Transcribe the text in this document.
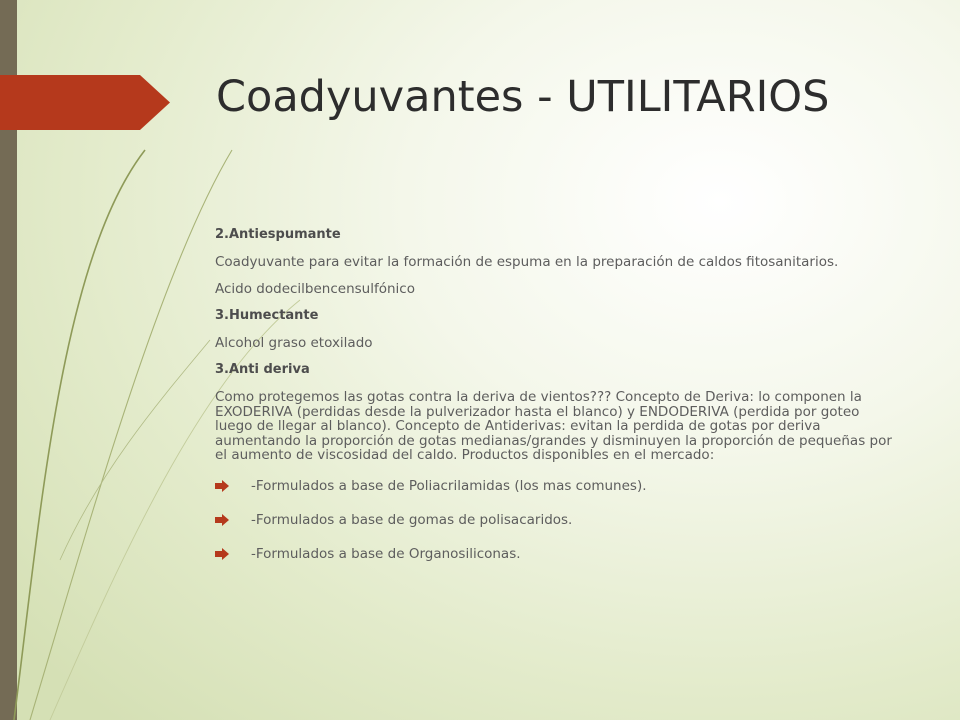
Coadyuvantes - UTILITARIOS
2.Antiespumante
Coadyuvante para evitar la formación de espuma en la preparación de caldos fitosanitarios.
Acido dodecilbencensulfónico
3.Humectante
Alcohol graso etoxilado
3.Anti deriva
Como protegemos las gotas contra la deriva de vientos??? Concepto de Deriva: lo componen la EXODERIVA (perdidas desde la pulverizador hasta el blanco) y ENDODERIVA (perdida por goteo luego de llegar al blanco). Concepto de Antiderivas: evitan la perdida de gotas por deriva aumentando la proporción de gotas medianas/grandes y disminuyen la proporción de pequeñas por el aumento de viscosidad del caldo. Productos disponibles en el mercado:
-Formulados a base de Poliacrilamidas (los mas comunes).
-Formulados a base de gomas de polisacaridos.
-Formulados a base de Organosiliconas.
